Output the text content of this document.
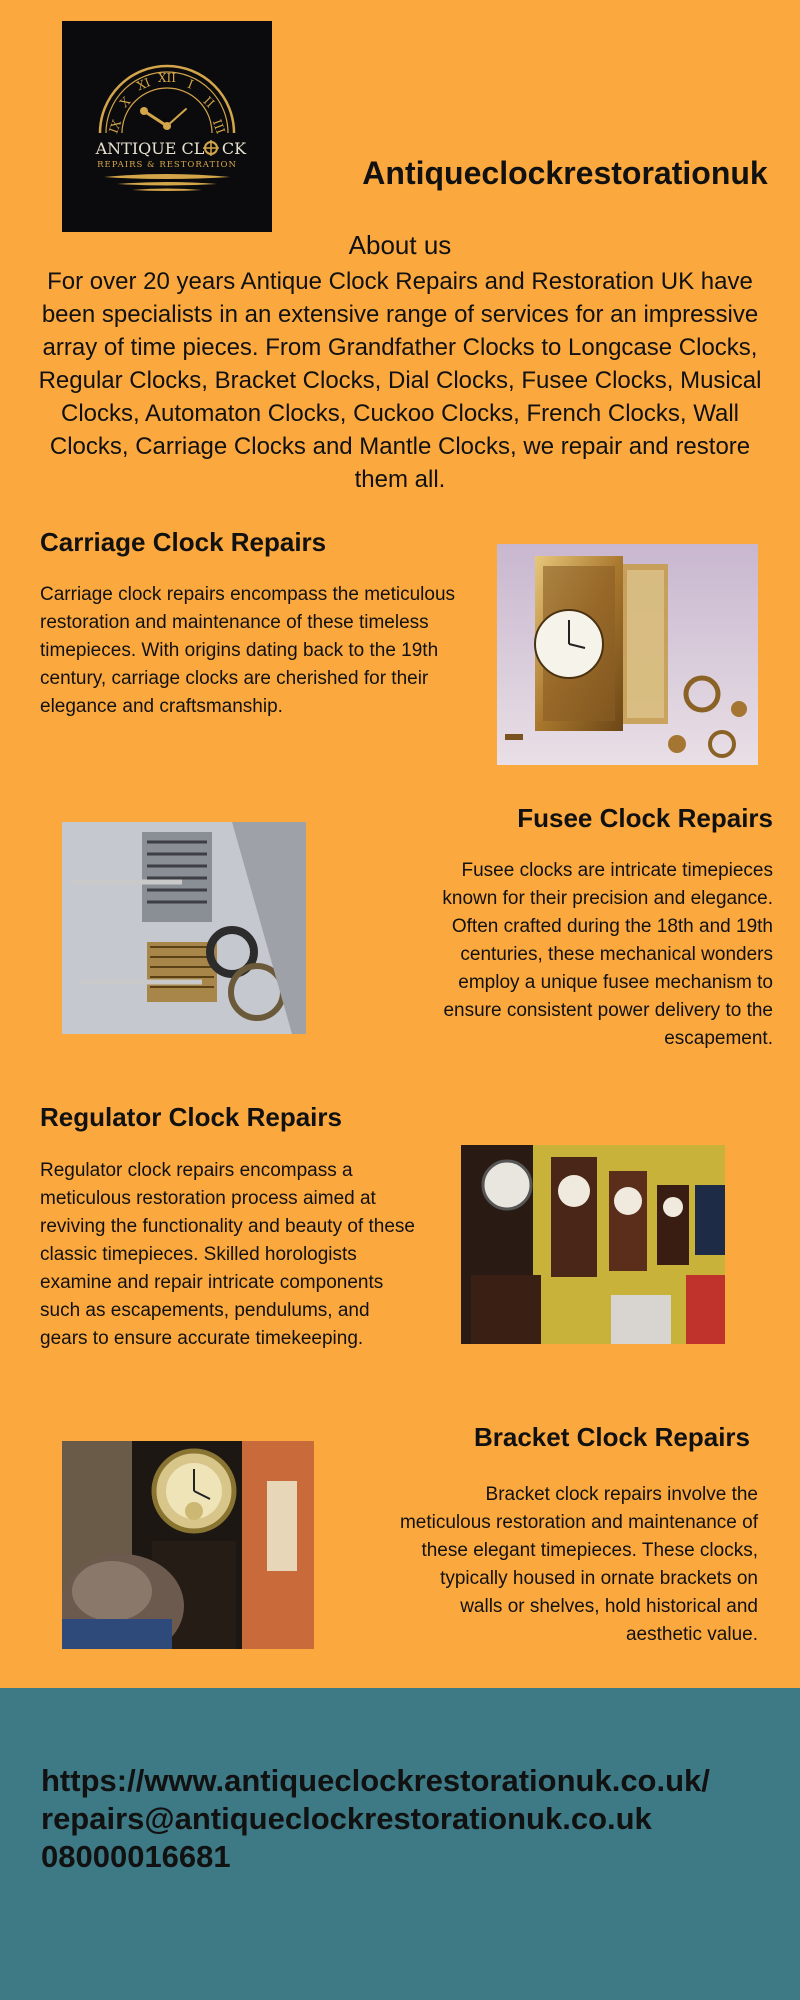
IX
X
XI XII I
II
III
ANTIQUE CL CK
REPAIRS & RESTORATION	Antiqueclockrestorationuk
About us

For over 20 years Antique Clock Repairs and Restoration UK have been specialists in an extensive range of services for an impressive array of time pieces. From Grandfather Clocks to Longcase Clocks, Regular Clocks, Bracket Clocks, Dial Clocks, Fusee Clocks, Musical Clocks, Automaton Clocks, Cuckoo Clocks, French Clocks, Wall Clocks, Carriage Clocks and Mantle Clocks, we repair and restore them all.

Carriage Clock Repairs

Carriage clock repairs encompass the meticulous restoration and maintenance of these timeless timepieces. With origins dating back to the 19th century, carriage clocks are cherished for their elegance and craftsmanship.

Fusee Clock Repairs

Fusee clocks are intricate timepieces known for their precision and elegance. Often crafted during the 18th and 19th centuries, these mechanical wonders employ a unique fusee mechanism to ensure consistent power delivery to the escapement.

Regulator Clock Repairs

Regulator clock repairs encompass a meticulous restoration process aimed at reviving the functionality and beauty of these classic timepieces. Skilled horologists examine and repair intricate components such as escapements, pendulums, and gears to ensure accurate timekeeping.

Bracket Clock Repairs

Bracket clock repairs involve the meticulous restoration and maintenance of these elegant timepieces. These clocks, typically housed in ornate brackets on walls or shelves, hold historical and aesthetic value.

https://www.antiqueclockrestorationuk.co.uk/

repairs@antiqueclockrestorationuk.co.uk

08000016681
